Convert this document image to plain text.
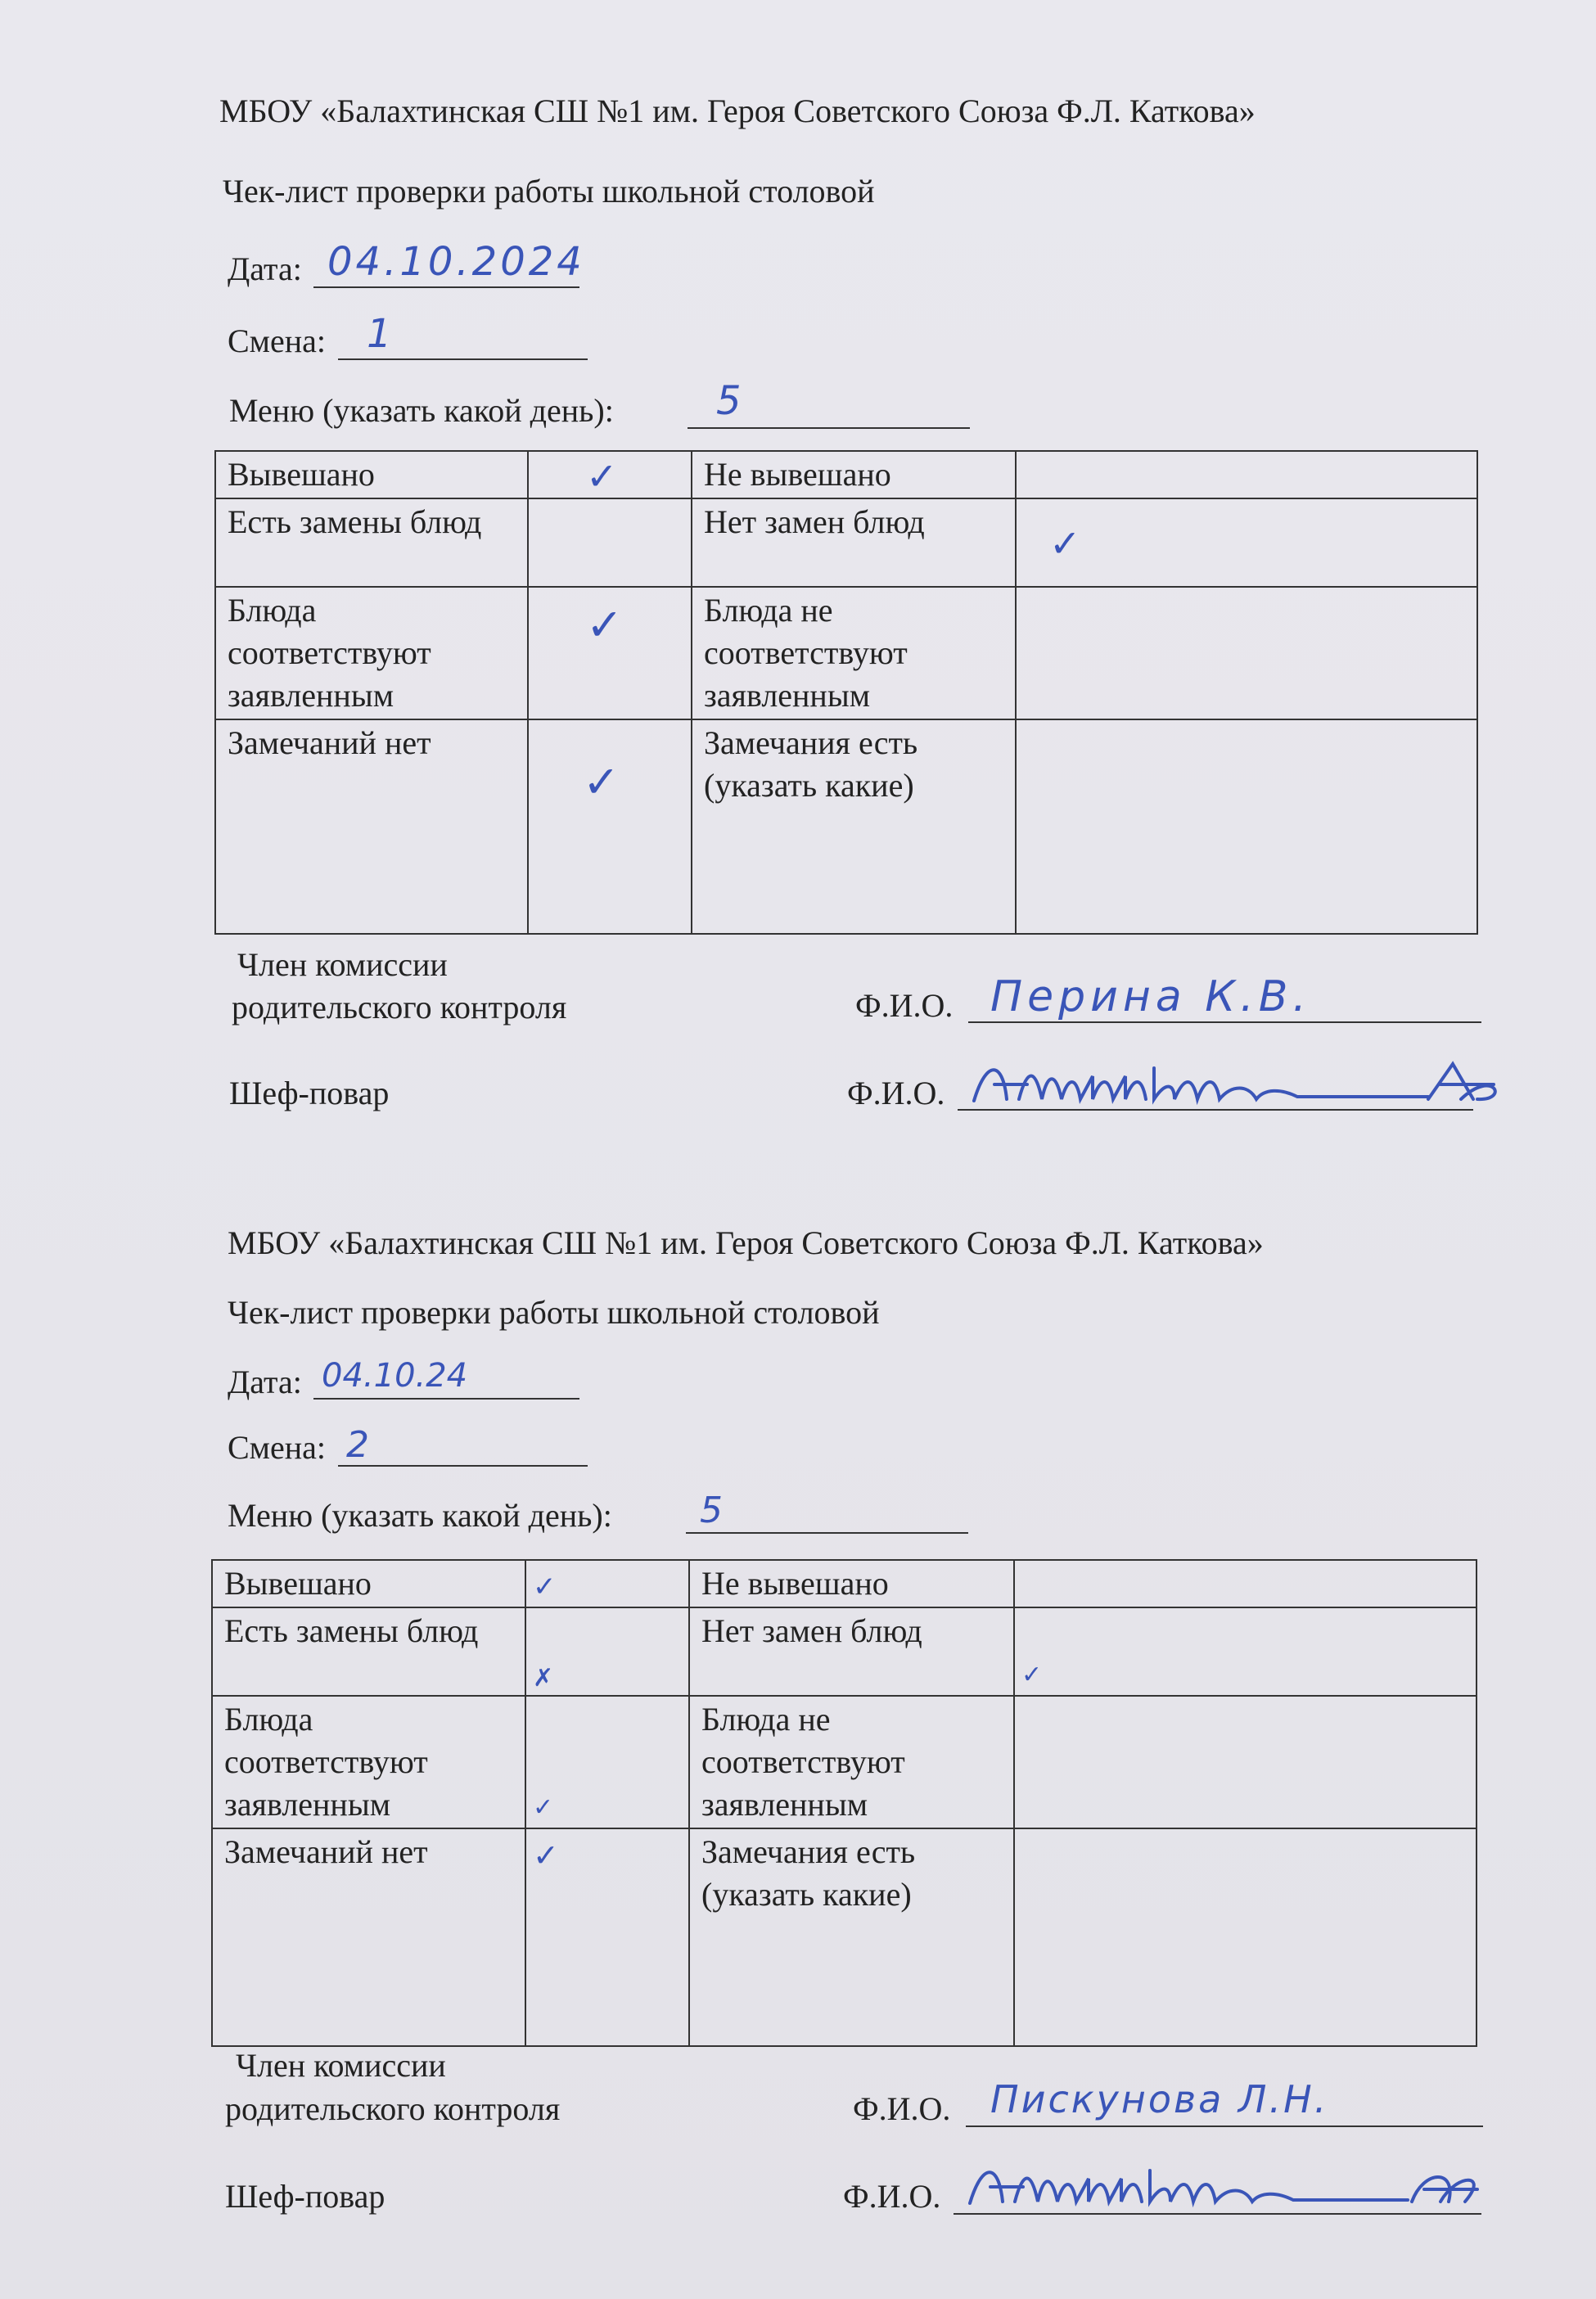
МБОУ «Балахтинская СШ №1 им. Героя Советского Союза Ф.Л. Каткова»
Чек-лист проверки работы школьной столовой
Дата: 04.10.2024
Смена: 1
Меню (указать какой день):	5
Вывешано	✓	Не вывешано	

Есть замены блюд		Нет замен блюд	✓

Блюда соответствуют заявленным	✓	Блюда не соответствуют заявленным	

Замечаний нет	✓	Замечания есть (указать какие)	
Член комиссии
родительского контроля	Ф.И.О. Перина К.В.
Шеф-повар	Ф.И.О.
МБОУ «Балахтинская СШ №1 им. Героя Советского Союза Ф.Л. Каткова»
Чек-лист проверки работы школьной столовой
Дата: 04.10.24
Смена: 2
Меню (указать какой день): 5
Вывешано	✓	Не вывешано	

Есть замены блюд	✗	Нет замен блюд	✓

Блюда соответствуют заявленным	✓	Блюда не соответствуют заявленным	

Замечаний нет	✓	Замечания есть (указать какие)	
Член комиссии
родительского контроля	Ф.И.О. Пискунова Л.Н.
Шеф-повар	Ф.И.О.
